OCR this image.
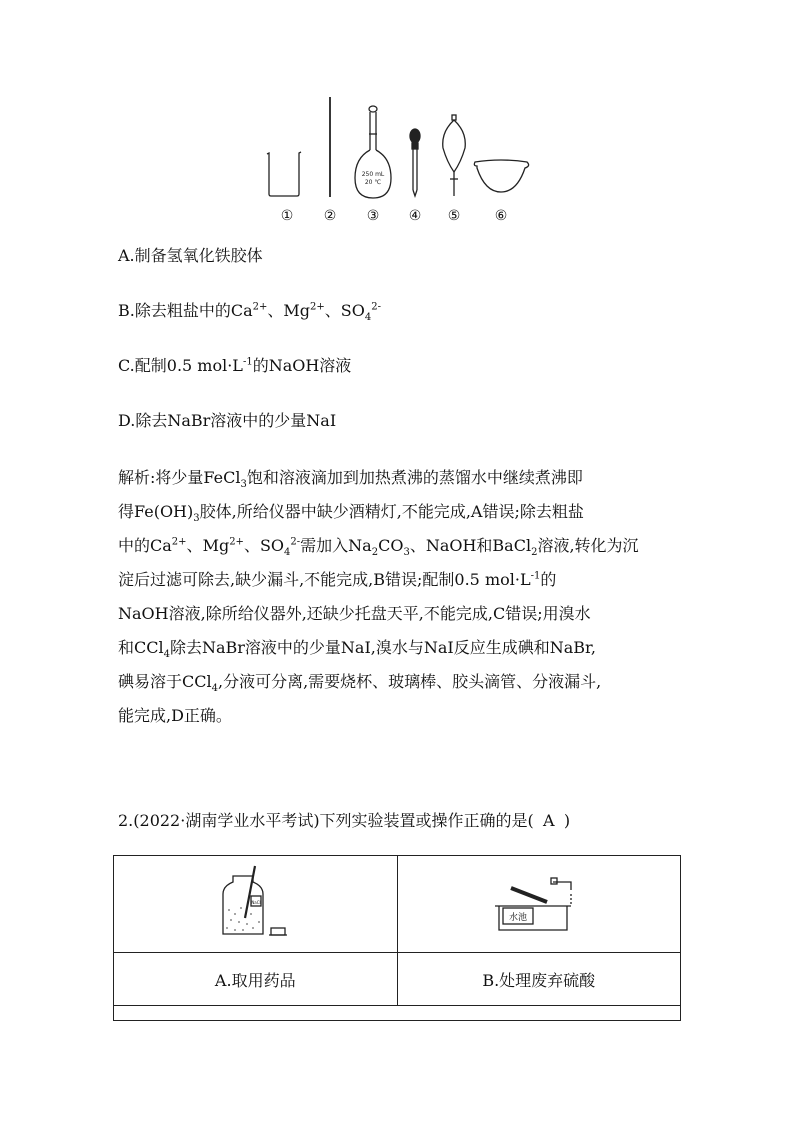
250 mL
20 ℃
① ② ③ ④ ⑤ ⑥
A.制备氢氧化铁胶体
B.除去粗盐中的$Ca^{2+}$、$Mg^{2+}$、$SO_4^{2-}$
C.配制0.5 $mol\cdot L^{-1}$的NaOH溶液
D.除去NaBr溶液中的少量NaI
解析:将少量FeCl$_3$饱和溶液滴加到加热煮沸的蒸馏水中继续煮沸即
得$Fe(OH)_3$胶体,所给仪器中缺少酒精灯,不能完成,A错误;除去粗盐
中的$Ca^{2+}$、$Mg^{2+}$、$SO_4^{2-}$需加入$Na_2CO_3$、NaOH和BaCl$_2$溶液,转化为沉
淀后过滤可除去,缺少漏斗,不能完成,B错误;配制0.5 $mol\cdot L^{-1}$的
NaOH溶液,除所给仪器外,还缺少托盘天平,不能完成,C错误;用溴水
和CCl$_4$除去NaBr溶液中的少量NaI,溴水与NaI反应生成碘和NaBr,
碘易溶于CCl$_4$,分液可分离,需要烧杯、玻璃棒、胶头滴管、分液漏斗,
能完成,D正确。
2.(2022·湖南学业水平考试)下列实验装置或操作正确的是( A )
NaCl	水池

A.取用药品	B.处理废弃硫酸
